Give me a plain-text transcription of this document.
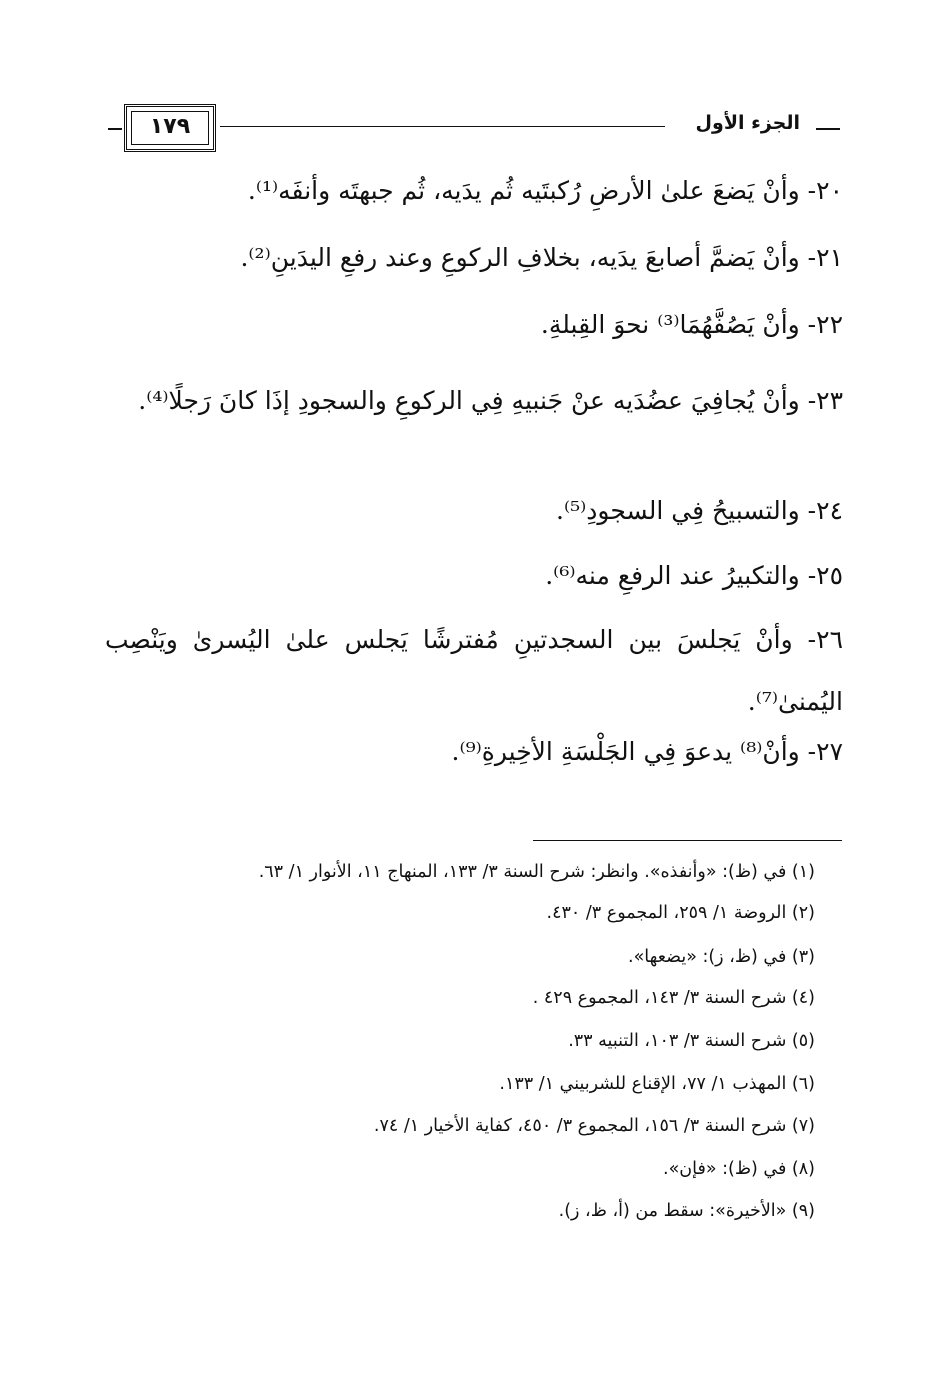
الجزء الأول
١٧٩
٢٠- وأنْ يَضعَ علىٰ الأرضِ رُكبتَيه ثُم يدَيه، ثُم جبهتَه وأنفَه⁽¹⁾.
٢١- وأنْ يَضمَّ أصابعَ يدَيه، بخلافِ الركوعِ وعند رفعِ اليدَينِ⁽²⁾.
٢٢- وأنْ يَصُفَّهُمَا⁽³⁾ نحوَ القِبلةِ.
٢٣- وأنْ يُجافِيَ عضُدَيه عنْ جَنبيهِ فِي الركوعِ والسجودِ إذَا كانَ رَجلًا⁽⁴⁾.
٢٤- والتسبيحُ فِي السجودِ⁽⁵⁾.
٢٥- والتكبيرُ عند الرفعِ منه⁽⁶⁾.
٢٦- وأنْ يَجلسَ بين السجدتينِ مُفترشًا يَجلس علىٰ اليُسرىٰ ويَنْصِب اليُمنىٰ⁽⁷⁾.
٢٧- وأنْ⁽⁸⁾ يدعوَ فِي الجَلْسَةِ الأخِيرةِ⁽⁹⁾.
(١) في (ظ): «وأنفذه». وانظر: شرح السنة ٣/ ١٣٣، المنهاج ١١، الأنوار ١/ ٦٣.
(٢) الروضة ١/ ٢٥٩، المجموع ٣/ ٤٣٠.
(٣) في (ظ، ز): «يضعها».
(٤) شرح السنة ٣/ ١٤٣، المجموع ٤٢٩ .
(٥) شرح السنة ٣/ ١٠٣، التنبيه ٣٣.
(٦) المهذب ١/ ٧٧، الإقناع للشربيني ١/ ١٣٣.
(٧) شرح السنة ٣/ ١٥٦، المجموع ٣/ ٤٥٠، كفاية الأخيار ١/ ٧٤.
(٨) في (ظ): «فإن».
(٩) «الأخيرة»: سقط من (أ، ظ، ز).
